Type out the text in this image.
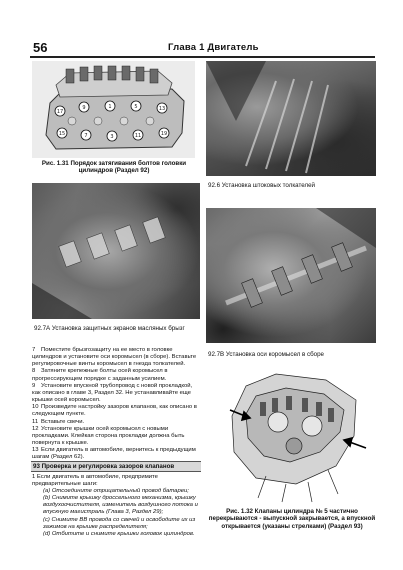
56	Глава 1 Двигатель
17
9	1	5	13
15	7	3	11	19
Рис. 1.31 Порядок затягивания болтов головки цилиндров (Раздел 92)
92.6 Установка штоковых толкателей
92.7А Установка защитных экранов масляных брызг
92.7В Установка оси коромысел в сборе

7 Поместите брызгозащиту на ее место в головке цилиндров и установите оси коромысел (в сборе). Вставьте регулировочные винты коромысел в гнезда толкателей.

8 Затяните крепежные болты осей коромысел в прогрессирующем порядке с заданным усилием.

9 Установите впускной трубопровод с новой прокладкой, как описано в главе 3, Раздел 32. Не устанавливайте еще крышки осей коромысел.

10 Произведите настройку зазоров клапанов, как описано в следующем пункте.

11 Вставьте свечи.

12 Установите крышки осей коромысел с новыми прокладками. Клейкая сторона прокладки должна быть повернута к крышке.

13 Если двигатель в автомобиле, вернитесь к предыдущим шагам (Раздел 62).

93 Проверка и регулировка зазоров клапанов
1 Если двигатель в автомобиле, предпримите предварительные шаги:
(a) Отсоедините отрицательный провод батареи;
(b) Снимите крышку дроссельного механизма, крышку воздухоочистителя, изменитель воздушного потока и впускную магистраль (Глава 3, Раздел 29);
(c) Снимите ВВ провода со свечей и освободите их из зажимов на крышке распределителя;
(d) Отбитите и снимите крышки головок цилиндров.
Рис. 1.32 Клапаны цилиндра № 5 частично перекрываются - выпускной закрывается, а впускной открывается (указаны стрелками) (Раздел 93)
